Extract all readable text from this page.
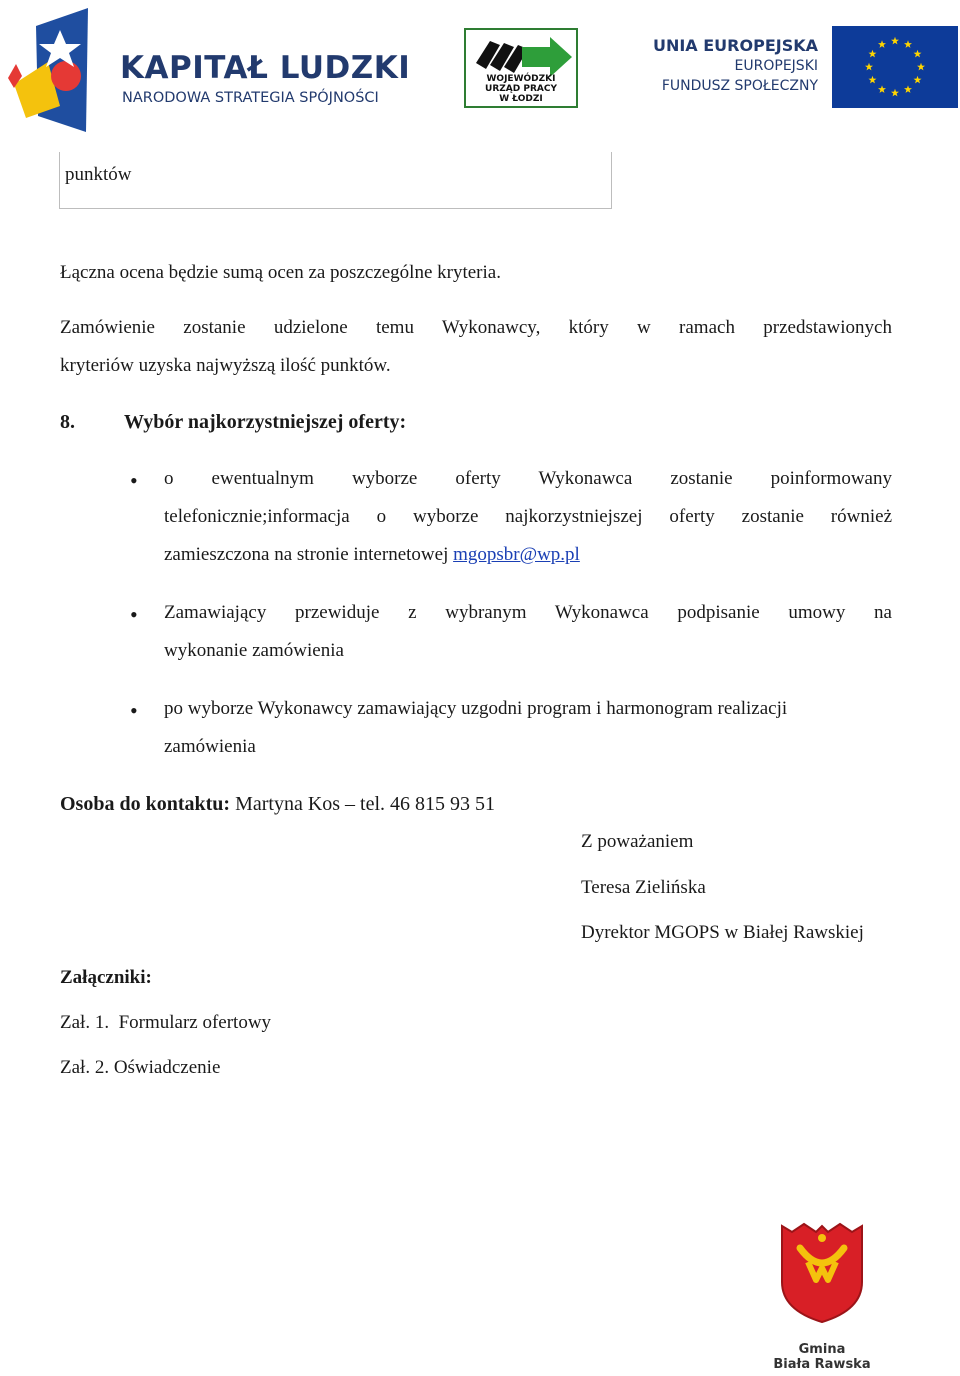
KAPITAŁ LUDZKI
NARODOWA STRATEGIA SPÓJNOŚCI
WOJEWÓDZKI
URZĄD PRACY
W ŁODZI
UNIA EUROPEJSKA
EUROPEJSKI
FUNDUSZ SPOŁECZNY
punktów
Łączna ocena będzie sumą ocen za poszczególne kryteria.
Zamówienie zostanie udzielone temu Wykonawcy, który w ramach przedstawionych
kryteriów uzyska najwyższą ilość punktów.
8. Wybór najkorzystniejszej oferty:
• o ewentualnym wyborze oferty Wykonawca zostanie poinformowany
telefonicznie;informacja o wyborze najkorzystniejszej oferty zostanie również
zamieszczona na stronie internetowej mgopsbr@wp.pl
• Zamawiający przewiduje z wybranym Wykonawca podpisanie umowy na
wykonanie zamówienia
• po wyborze Wykonawcy zamawiający uzgodni program i harmonogram realizacji
zamówienia
Osoba do kontaktu: Martyna Kos – tel. 46 815 93 51
Z poważaniem
Teresa Zielińska
Dyrektor MGOPS w Białej Rawskiej
Załączniki:
Zał. 1.  Formularz ofertowy
Zał. 2. Oświadczenie
Gmina
Biała Rawska
